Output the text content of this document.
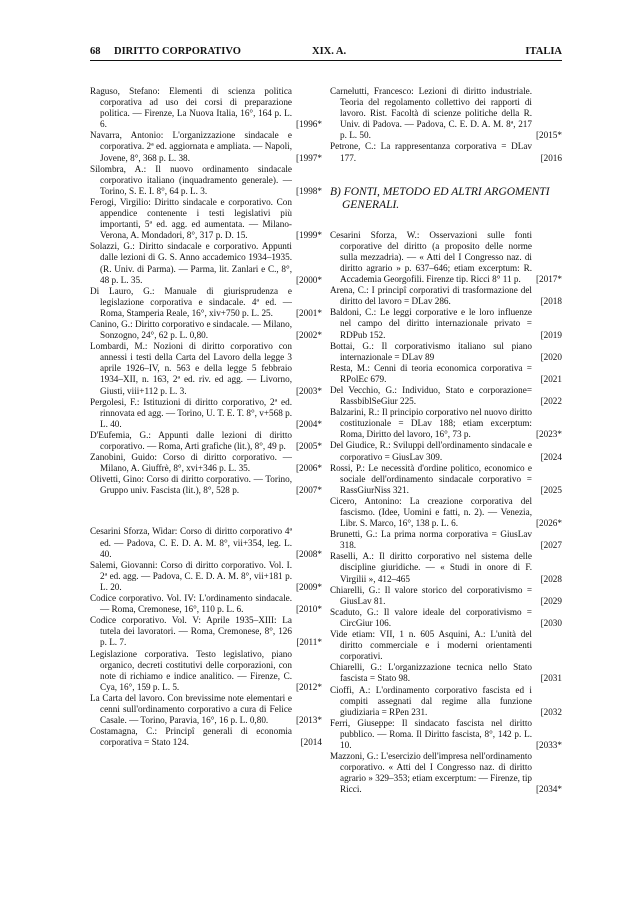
68 DIRITTO CORPORATIVO	XIX. A.	ITALIA

Raguso, Stefano: Elementi di scienza politica corporativa ad uso dei corsi di preparazione politica. — Firenze, La Nuova Italia, 16°, 164 p. L. 6.	[1996*

Navarra, Antonio: L'organizzazione sindacale e corporativa. 2ª ed. aggiornata e ampliata. — Napoli, Jovene, 8°, 368 p. L. 38.	[1997*

Silombra, A.: Il nuovo ordinamento sindacale corporativo italiano (inquadramento generale). — Torino, S. E. I. 8°, 64 p. L. 3.	[1998*

Ferogi, Virgilio: Diritto sindacale e corporativo. Con appendice contenente i testi legislativi più importanti, 5ª ed. agg. ed aumentata. — Milano-Verona, A. Mondadori, 8°, 317 p. D. 15.	[1999*

Solazzi, G.: Diritto sindacale e corporativo. Appunti dalle lezioni di G. S. Anno accademico 1934–1935. (R. Univ. di Parma). — Parma, lit. Zanlari e C., 8°, 48 p. L. 35.	[2000*

Di Lauro, G.: Manuale di giurisprudenza e legislazione corporativa e sindacale. 4ª ed. — Roma, Stamperia Reale, 16°, xiv+750 p. L. 25.	[2001*

Canino, G.: Diritto corporativo e sindacale. — Milano, Sonzogno, 24°, 62 p. L. 0,80.	[2002*

Lombardi, M.: Nozioni di diritto corporativo con annessi i testi della Carta del Lavoro della legge 3 aprile 1926–IV, n. 563 e della legge 5 febbraio 1934–XII, n. 163, 2ª ed. riv. ed agg. — Livorno, Giusti, viii+112 p. L. 3.	[2003*

Pergolesi, F.: Istituzioni di diritto corporativo, 2ª ed. rinnovata ed agg. — Torino, U. T. E. T. 8°, v+568 p. L. 40.	[2004*

D'Eufemia, G.: Appunti dalle lezioni di diritto corporativo. — Roma, Arti grafiche (lit.), 8°, 49 p.	[2005*

Zanobini, Guido: Corso di diritto corporativo. — Milano, A. Giuffrè, 8°, xvi+346 p. L. 35.	[2006*

Olivetti, Gino: Corso di diritto corporativo. — Torino, Gruppo univ. Fascista (lit.), 8°, 528 p.	[2007*

Cesarini Sforza, Widar: Corso di diritto corporativo 4ª ed. — Padova, C. E. D. A. M. 8°, vii+354, leg. L. 40.	[2008*

Salemi, Giovanni: Corso di diritto corporativo. Vol. I. 2ª ed. agg. — Padova, C. E. D. A. M. 8°, vii+181 p. L. 20.	[2009*

Codice corporativo. Vol. IV: L'ordinamento sindacale. — Roma, Cremonese, 16°, 110 p. L. 6.	[2010*

Codice corporativo. Vol. V: Aprile 1935–XIII: La tutela dei lavoratori. — Roma, Cremonese, 8°, 126 p. L. 7.	[2011*

Legislazione corporativa. Testo legislativo, piano organico, decreti costitutivi delle corporazioni, con note di richiamo e indice analitico. — Firenze, C. Cya, 16°, 159 p. L. 5.	[2012*

La Carta del lavoro. Con brevissime note elementari e cenni sull'ordinamento corporativo a cura di Felice Casale. — Torino, Paravia, 16°, 16 p. L. 0,80.	[2013*

Costamagna, C.: Principî generali di economia corporativa = Stato 124.	[2014

Carnelutti, Francesco: Lezioni di diritto industriale. Teoria del regolamento collettivo dei rapporti di lavoro. Rist. Facoltà di scienze politiche della R. Univ. di Padova. — Padova, C. E. D. A. M. 8ª, 217 p. L. 50.	[2015*

Petrone, C.: La rappresentanza corporativa = DLav 177.	[2016
B) FONTI, METODO ED ALTRI ARGOMENTI GENERALI.

Cesarini Sforza, W.: Osservazioni sulle fonti corporative del diritto (a proposito delle norme sulla mezzadria). — « Atti del I Congresso naz. di diritto agrario » p. 637–646; etiam excerptum: R. Accademia Georgofili. Firenze tip. Ricci 8° 11 p.	[2017*

Arena, C.: I principî corporativi di trasformazione del diritto del lavoro = DLav 286.	[2018

Baldoni, C.: Le leggi corporative e le loro influenze nel campo del diritto internazionale privato = RDPub 152.	[2019

Bottai, G.: Il corporativismo italiano sul piano internazionale = DLav 89	[2020

Resta, M.: Cenni di teoria economica corporativa = RPolEc 679.	[2021

Del Vecchio, G.: Individuo, Stato e corporazione= RassbiblSeGiur 225.	[2022

Balzarini, R.: Il principio corporativo nel nuovo diritto costituzionale = DLav 188; etiam excerptum: Roma, Diritto del lavoro, 16°, 73 p.	[2023*

Del Giudice, R.: Sviluppi dell'ordinamento sindacale e corporativo = GiusLav 309.	[2024

Rossi, P.: Le necessità d'ordine politico, economico e sociale dell'ordinamento sindacale corporativo = RassGiurNiss 321.	[2025

Cicero, Antonino: La creazione corporativa del fascismo. (Idee, Uomini e fatti, n. 2). — Venezia, Libr. S. Marco, 16°, 138 p. L. 6.	[2026*

Brunetti, G.: La prima norma corporativa = GiusLav 318.	[2027

Raselli, A.: Il diritto corporativo nel sistema delle discipline giuridiche. — « Studi in onore di F. Virgilii », 412–465	[2028

Chiarelli, G.: Il valore storico del corporativismo = GiusLav 81.	[2029

Scaduto, G.: Il valore ideale del corporativismo = CircGiur 106.	[2030

Vide etiam: VII, 1 n. 605 Asquini, A.: L'unità del diritto commerciale e i moderni orientamenti corporativi.

Chiarelli, G.: L'organizzazione tecnica nello Stato fascista = Stato 98.	[2031

Cioffi, A.: L'ordinamento corporativo fascista ed i compiti assegnati dal regime alla funzione giudiziaria = RPen 231.	[2032

Ferri, Giuseppe: Il sindacato fascista nel diritto pubblico. — Roma. Il Diritto fascista, 8°, 142 p. L. 10.	[2033*

Mazzoni, G.: L'esercizio dell'impresa nell'ordinamento corporativo. « Atti del I Congresso naz. di diritto agrario » 329–353; etiam excerptum: — Firenze, tip Ricci.	[2034*
